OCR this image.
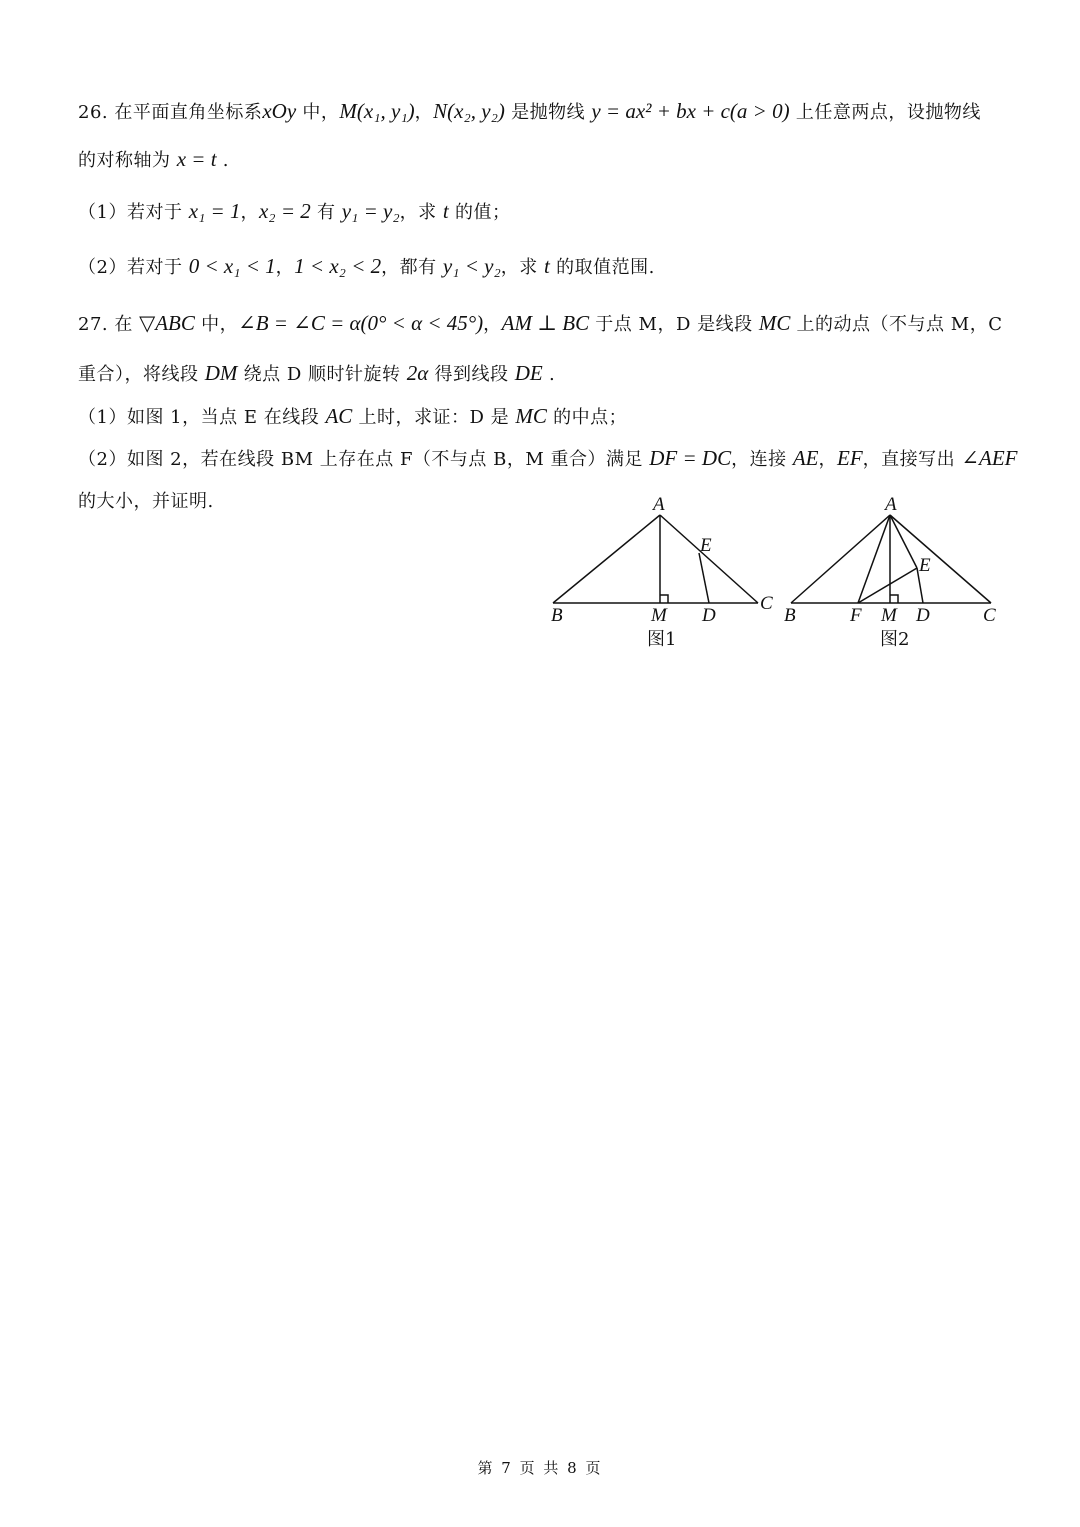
26. 在平面直角坐标系xOy 中，M(x₁, y₁)，N(x₂, y₂) 是抛物线 y = ax² + bx + c(a > 0) 上任意两点，设抛物线
的对称轴为 x = t .
（1）若对于 x₁ = 1，x₂ = 2 有 y₁ = y₂，求 t 的值；
（2）若对于 0 < x₁ < 1，1 < x₂ < 2，都有 y₁ < y₂，求 t 的取值范围.
27. 在 ▽ABC 中，∠B = ∠C = α(0° < α < 45°)，AM ⊥ BC 于点 M，D 是线段 MC 上的动点（不与点 M，C
重合），将线段 DM 绕点 D 顺时针旋转 2α 得到线段 DE .
（1）如图 1，当点 E 在线段 AC 上时，求证：D 是 MC 的中点；
（2）如图 2，若在线段 BM 上存在点 F（不与点 B，M 重合）满足 DF = DC，连接 AE，EF，直接写出 ∠AEF
的大小，并证明.	A
E
B	M D
C
图1
A
E
B	F M D	C
图2
第 7 页 共 8 页
